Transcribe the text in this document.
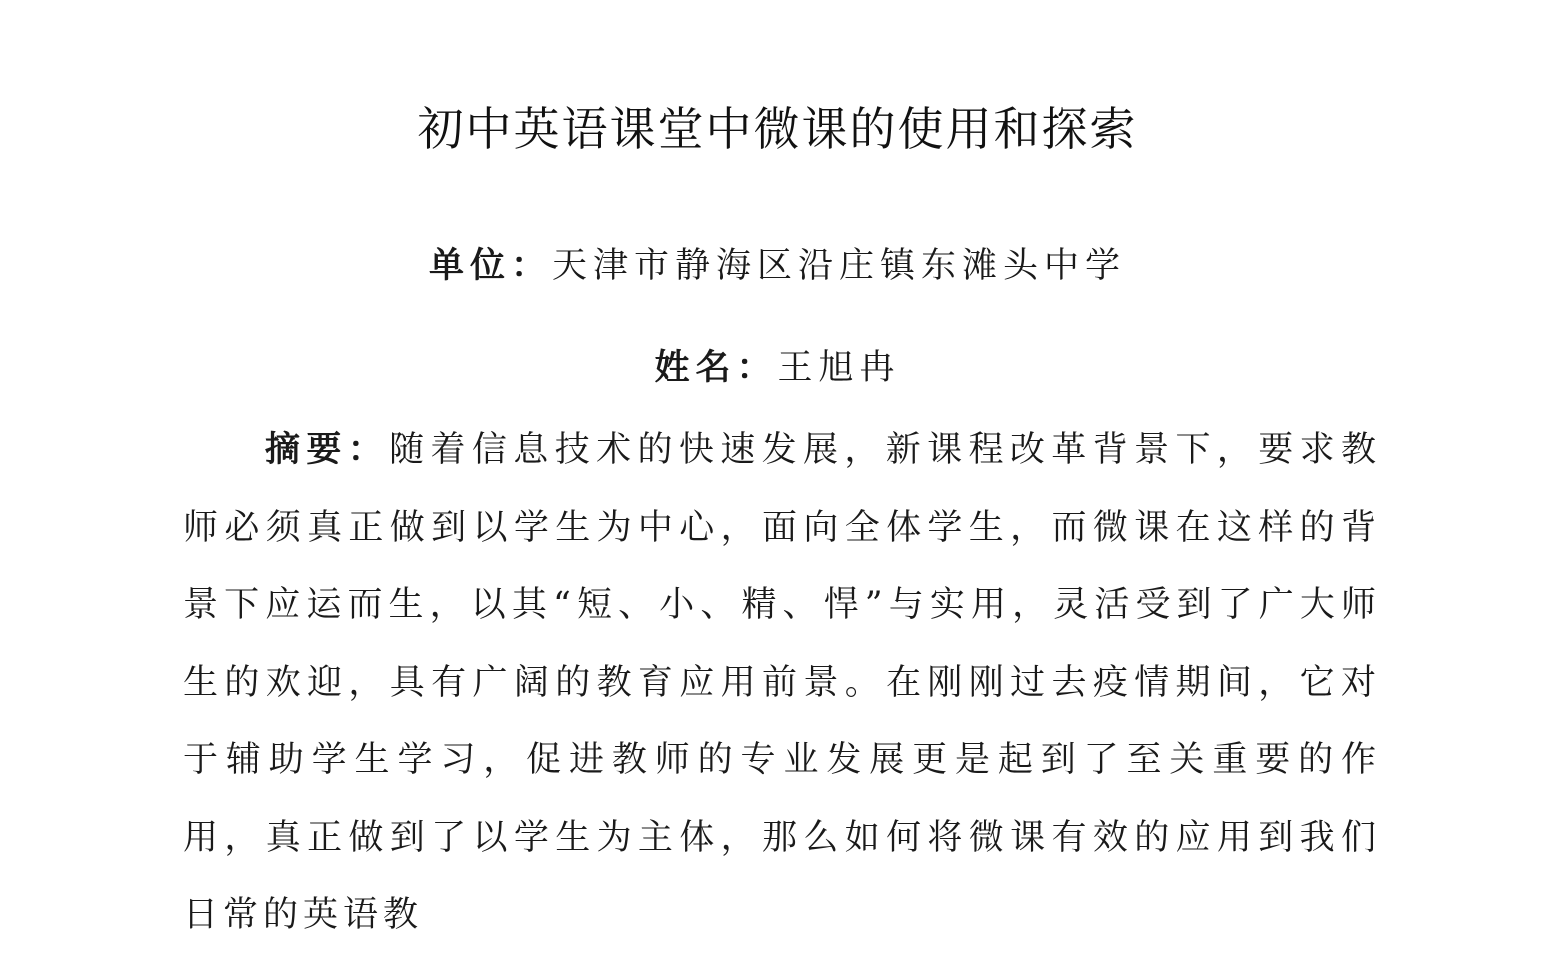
初中英语课堂中微课的使用和探索
单位：天津市静海区沿庄镇东滩头中学
姓名：王旭冉
摘要：随着信息技术的快速发展，新课程改革背景下，要求教师必须真正做到以学生为中心，面向全体学生，而微课在这样的背景下应运而生，以其“短、小、精、悍”与实用，灵活受到了广大师生的欢迎，具有广阔的教育应用前景。在刚刚过去疫情期间，它对于辅助学生学习，促进教师的专业发展更是起到了至关重要的作用，真正做到了以学生为主体，那么如何将微课有效的应用到我们日常的英语教
